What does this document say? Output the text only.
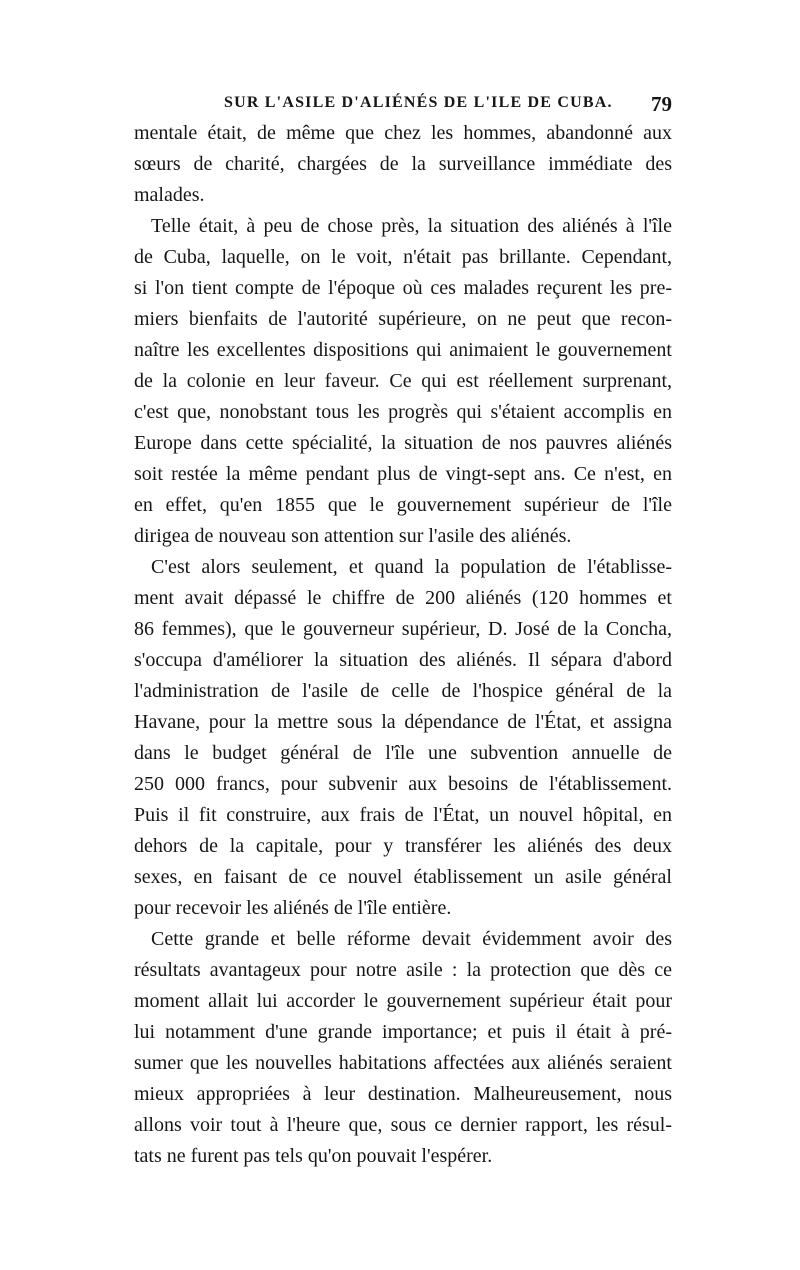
SUR L'ASILE D'ALIÉNÉS DE L'ILE DE CUBA. 79
mentale était, de même que chez les hommes, abandonné aux
sœurs de charité, chargées de la surveillance immédiate des
malades.
Telle était, à peu de chose près, la situation des aliénés à l'île
de Cuba, laquelle, on le voit, n'était pas brillante. Cependant,
si l'on tient compte de l'époque où ces malades reçurent les pre-
miers bienfaits de l'autorité supérieure, on ne peut que recon-
naître les excellentes dispositions qui animaient le gouvernement
de la colonie en leur faveur. Ce qui est réellement surprenant,
c'est que, nonobstant tous les progrès qui s'étaient accomplis en
Europe dans cette spécialité, la situation de nos pauvres aliénés
soit restée la même pendant plus de vingt-sept ans. Ce n'est, en
en effet, qu'en 1855 que le gouvernement supérieur de l'île
dirigea de nouveau son attention sur l'asile des aliénés.
C'est alors seulement, et quand la population de l'établisse-
ment avait dépassé le chiffre de 200 aliénés (120 hommes et
86 femmes), que le gouverneur supérieur, D. José de la Concha,
s'occupa d'améliorer la situation des aliénés. Il sépara d'abord
l'administration de l'asile de celle de l'hospice général de la
Havane, pour la mettre sous la dépendance de l'État, et assigna
dans le budget général de l'île une subvention annuelle de
250 000 francs, pour subvenir aux besoins de l'établissement.
Puis il fit construire, aux frais de l'État, un nouvel hôpital, en
dehors de la capitale, pour y transférer les aliénés des deux
sexes, en faisant de ce nouvel établissement un asile général
pour recevoir les aliénés de l'île entière.
Cette grande et belle réforme devait évidemment avoir des
résultats avantageux pour notre asile : la protection que dès ce
moment allait lui accorder le gouvernement supérieur était pour
lui notamment d'une grande importance; et puis il était à pré-
sumer que les nouvelles habitations affectées aux aliénés seraient
mieux appropriées à leur destination. Malheureusement, nous
allons voir tout à l'heure que, sous ce dernier rapport, les résul-
tats ne furent pas tels qu'on pouvait l'espérer.
